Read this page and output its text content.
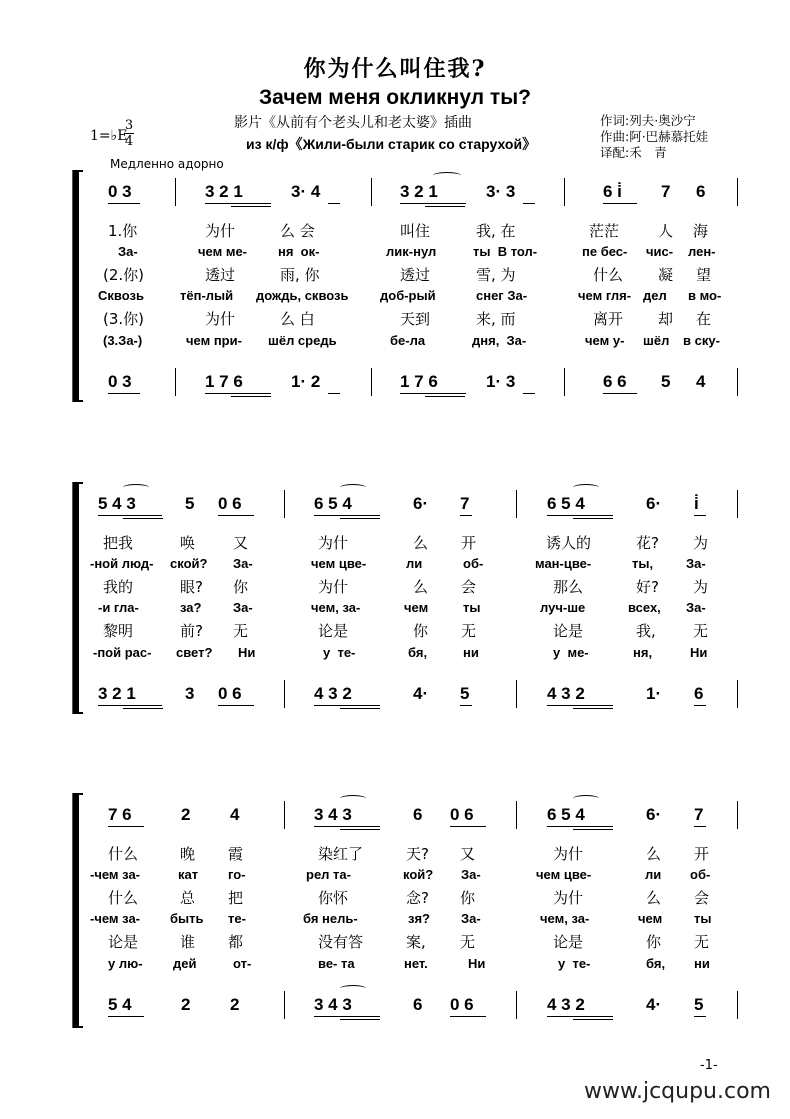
你为什么叫住我?
Зачем меня окликнул ты?
影片《从前有个老头儿和老太婆》插曲
из к/ф《Жили-были старик со старухой》
作词:列夫·奥沙宁
作曲:阿·巴赫慕托娃
译配:禾　青
1=♭E
3
4
Медленно адорно
0 3	3 2 1	3· 4	3 2 1	3· 3	6 i̇ 7 6
1.你	为什	么 会	叫住	我, 在	茫茫	人 海
За-	чем ме- ня  ок-	лик-нул	ты  В тол-	пе бес- чис- лен-
(2.你)	透过	雨, 你	透过	雪, 为	什么 凝 望
Сквозь	тёп-лый дождь, сквозь доб-рый	снег За-	чем гля- дел в мо-
(3.你)	为什	么 白	天到	来, 而	离开 却 在
(3.За-)	чем при- шёл средь	бе-ла	дня,  За-	чем у- шёл в ску-
0 3	1 7 6	1· 2	1 7 6	1· 3	6 6 5 4
5 4 3	5 0 6	6 5 4	6· 7	6 5 4	6· i̇
把我	唤	又	为什	么 开	诱人的	花? 为
-ной люд- ской? За-	чем цве-	ли	об-	ман-цве-	ты,	За-
我的	眼? 你	为什	么 会	那么	好? 为
-и гла-	за? За-	чем, за-	чем	ты	луч-ше	всех, За-
黎明	前? 无	论是	你 无	论是	我, 无
-пой рас- свет? Ни	у  те-	бя,	ни	у  ме-	ня,	Ни
3 2 1	3 0 6	4 3 2	4· 5	4 3 2	1· 6
7 6	2 4	3 4 3	6 0 6	6 5 4	6· 7
什么	晚 霞	染红了	天? 又	为什	么 开
-чем за-	кат го-	рел та-	кой? За-	чем цве-	ли об-
什么	总 把	你怀	念? 你	为什	么 会
-чем за- быть те-	бя нель-	зя? За-	чем, за-	чем ты
论是	谁 都	没有答	案, 无	论是	你 无
у лю- дей	от-	ве- та	нет.	Ни	у  те-	бя, ни
5 4	2 2	3 4 3	6 0 6	4 3 2	4· 5
-1-
www.jcqupu.com
